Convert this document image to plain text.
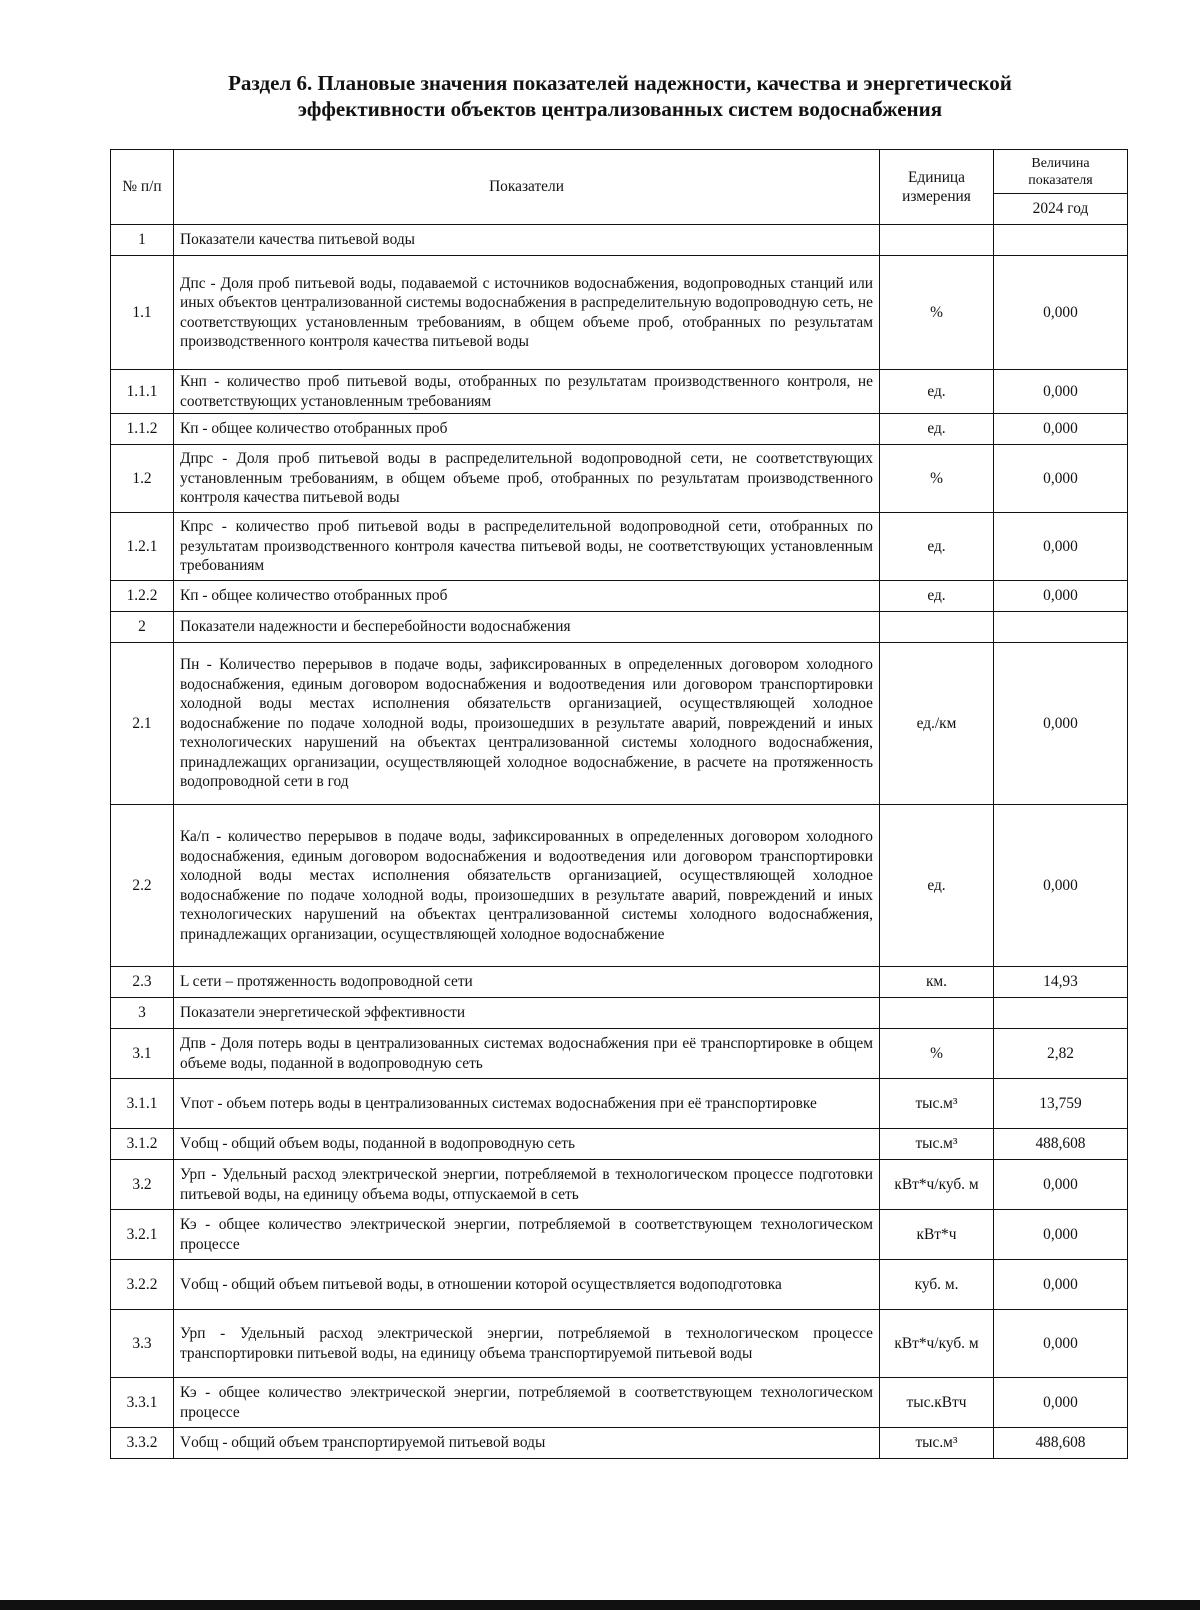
Раздел 6. Плановые значения показателей надежности, качества и энергетической
эффективности объектов централизованных систем водоснабжения
№ п/п	Показатели	Единица измерения	Величина показателя
			2024 год
1	Показатели качества питьевой воды		
1.1	Дпс - Доля проб питьевой воды, подаваемой с источников водоснабжения, водопроводных станций или иных объектов централизованной системы водоснабжения в распределительную водопроводную сеть, не соответствующих установленным требованиям, в общем объеме проб, отобранных по результатам производственного контроля качества питьевой воды	%	0,000
1.1.1	Кнп - количество проб питьевой воды, отобранных по результатам производственного контроля, не соответствующих установленным требованиям	ед.	0,000
1.1.2	Кп - общее количество отобранных проб	ед.	0,000
1.2	Дпрс - Доля проб питьевой воды в распределительной водопроводной сети, не соответствующих установленным требованиям, в общем объеме проб, отобранных по результатам производственного контроля качества питьевой воды	%	0,000
1.2.1	Кпрс - количество проб питьевой воды в распределительной водопроводной сети, отобранных по результатам производственного контроля качества питьевой воды, не соответствующих установленным требованиям	ед.	0,000
1.2.2	Кп - общее количество отобранных проб	ед.	0,000
2	Показатели надежности и бесперебойности водоснабжения		
2.1	Пн - Количество перерывов в подаче воды, зафиксированных в определенных договором холодного водоснабжения, единым договором водоснабжения и водоотведения или договором транспортировки холодной воды местах исполнения обязательств организацией, осуществляющей холодное водоснабжение по подаче холодной воды, произошедших в результате аварий, повреждений и иных технологических нарушений на объектах централизованной системы холодного водоснабжения, принадлежащих организации, осуществляющей холодное водоснабжение, в расчете на протяженность водопроводной сети в год	ед./км	0,000
2.2	Ка/п - количество перерывов в подаче воды, зафиксированных в определенных договором холодного водоснабжения, единым договором водоснабжения и водоотведения или договором транспортировки холодной воды местах исполнения обязательств организацией, осуществляющей холодное водоснабжение по подаче холодной воды, произошедших в результате аварий, повреждений и иных технологических нарушений на объектах централизованной системы холодного водоснабжения, принадлежащих организации, осуществляющей холодное водоснабжение	ед.	0,000
2.3	L сети – протяженность водопроводной сети	км.	14,93
3	Показатели энергетической эффективности		
3.1	Дпв - Доля потерь воды в централизованных системах водоснабжения при её транспортировке в общем объеме воды, поданной в водопроводную сеть	%	2,82
3.1.1	Vпот - объем потерь воды в централизованных системах водоснабжения при её транспортировке	тыс.м³	13,759
3.1.2	Vобщ - общий объем воды, поданной в водопроводную сеть	тыс.м³	488,608
3.2	Урп - Удельный расход электрической энергии, потребляемой в технологическом процессе подготовки питьевой воды, на единицу объема воды, отпускаемой в сеть	кВт*ч/куб. м	0,000
3.2.1	Кэ - общее количество электрической энергии, потребляемой в соответствующем технологическом процессе	кВт*ч	0,000
3.2.2	Vобщ - общий объем питьевой воды, в отношении которой осуществляется водоподготовка	куб. м.	0,000
3.3	Урп - Удельный расход электрической энергии, потребляемой в технологическом процессе транспортировки питьевой воды, на единицу объема транспортируемой питьевой воды	кВт*ч/куб. м	0,000
3.3.1	Кэ - общее количество электрической энергии, потребляемой в соответствующем технологическом процессе	тыс.кВтч	0,000
3.3.2	Vобщ - общий объем транспортируемой питьевой воды	тыс.м³	488,608
